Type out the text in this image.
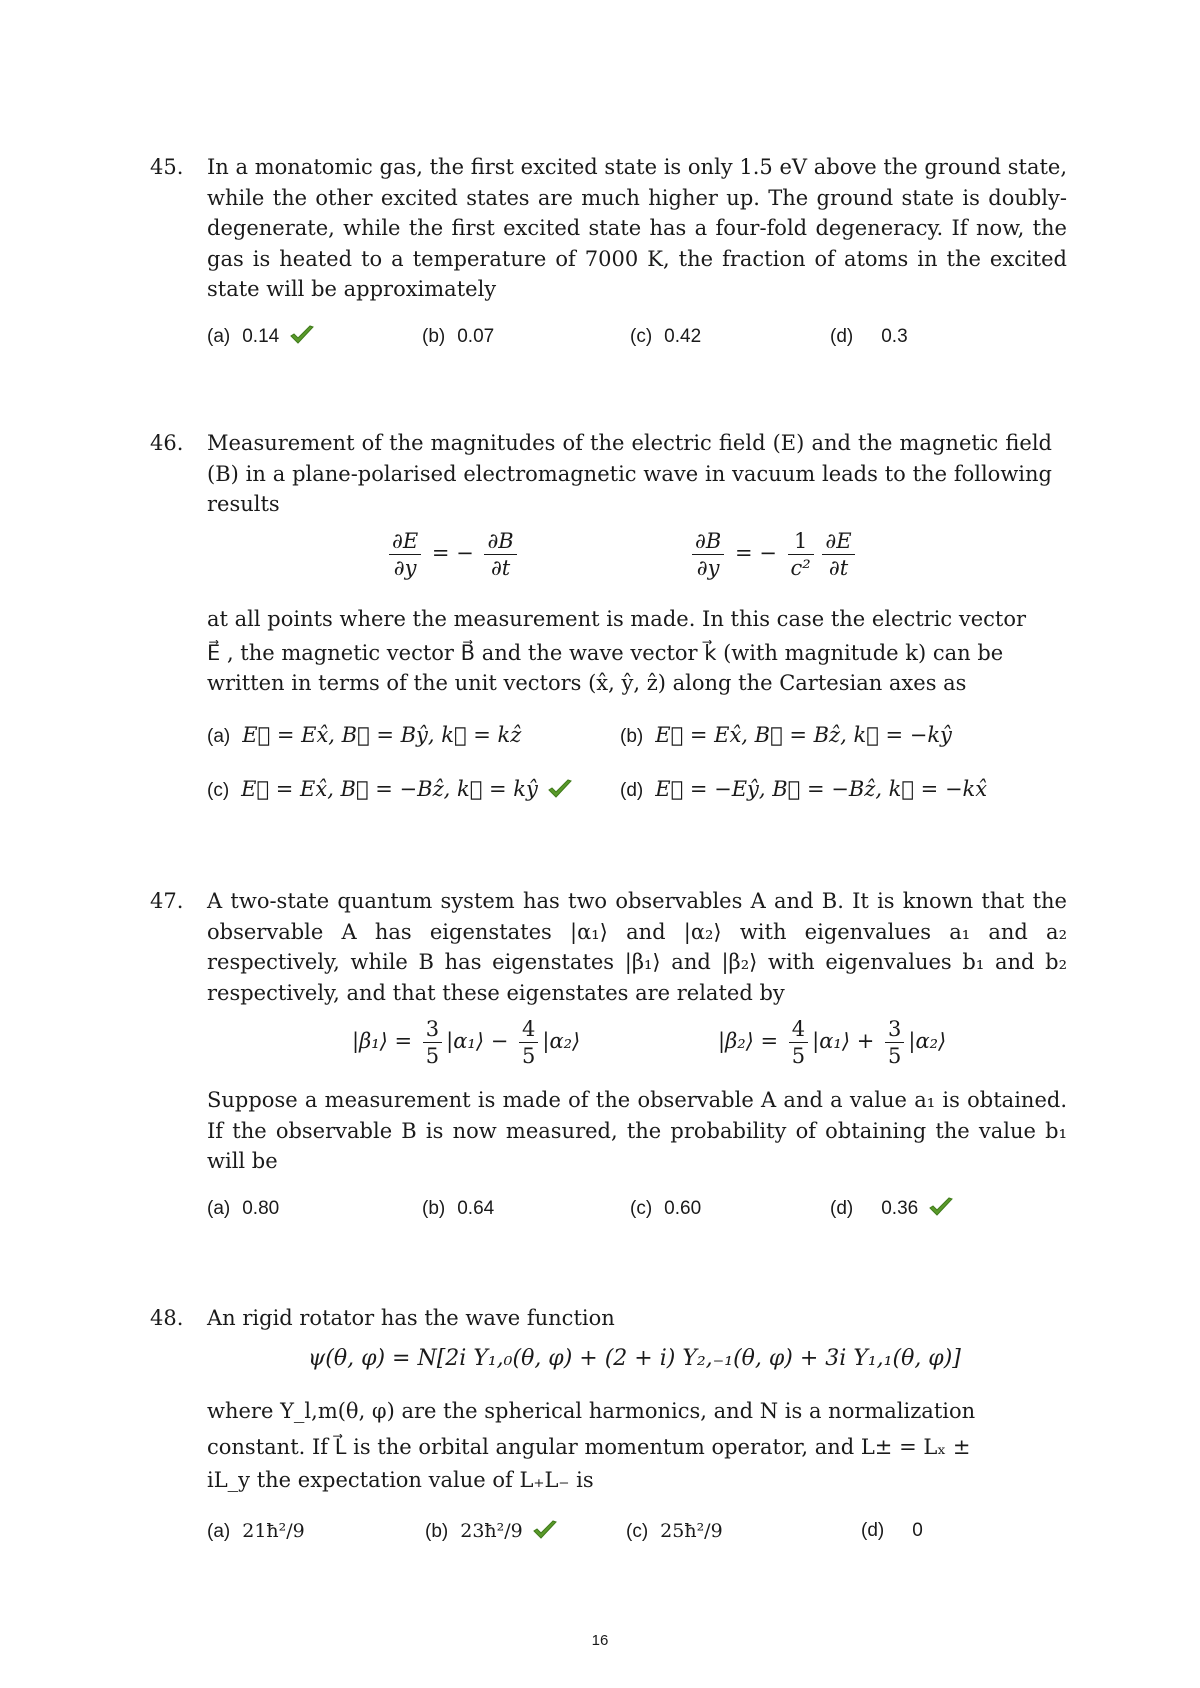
45. In a monatomic gas, the first excited state is only 1.5 eV above the ground state, while the other excited states are much higher up. The ground state is doubly-degenerate, while the first excited state has a four-fold degeneracy. If now, the gas is heated to a temperature of 7000 K, the fraction of atoms in the excited state will be approximately
(a) 0.14	(b) 0.07	(c) 0.42	(d) 0.3
46. Measurement of the magnitudes of the electric field (E) and the magnetic field (B) in a plane-polarised electromagnetic wave in vacuum leads to the following results
$\frac{\partial E}{\partial y}$ = − $\frac{\partial B}{\partial t}$	$\frac{\partial B}{\partial y}$ = − $\frac{1}{\text{c²}}$
$\frac{\partial E}{\partial t}$
at all points where the measurement is made. In this case the electric vector
E⃗ , the magnetic vector B⃗ and the wave vector k⃗ (with magnitude k) can be
written in terms of the unit vectors (x̂, ŷ, ẑ) along the Cartesian axes as
(a) E⃗ = Ex̂, B⃗ = Bŷ, k⃗ = kẑ	(b) E⃗ = Ex̂, B⃗ = Bẑ, k⃗ = −kŷ
(c) E⃗ = Ex̂, B⃗ = −Bẑ, k⃗ = kŷ	(d) E⃗ = −Eŷ, B⃗ = −Bẑ, k⃗ = −kx̂
47. A two-state quantum system has two observables A and B. It is known that the observable A has eigenstates |α₁⟩ and |α₂⟩ with eigenvalues a₁ and a₂ respectively, while B has eigenstates |β₁⟩ and |β₂⟩ with eigenvalues b₁ and b₂ respectively, and that these eigenstates are related by
|β₁⟩ = $\frac{3}{5}$ |α₁⟩ − $\frac{4}{5}$ |α₂⟩	|β₂⟩ = $\frac{4}{5}$ |α₁⟩ + $\frac{3}{5}$ |α₂⟩
Suppose a measurement is made of the observable A and a value a₁ is obtained. If the observable B is now measured, the probability of obtaining the value b₁ will be
(a) 0.80	(b) 0.64	(c) 0.60	(d) 0.36
48. An rigid rotator has the wave function
ψ(θ, φ) = N[2i Y₁,₀(θ, φ) + (2 + i) Y₂,₋₁(θ, φ) + 3i Y₁,₁(θ, φ)]
where Y_l,m(θ, φ) are the spherical harmonics, and N is a normalization
constant. If L⃗ is the orbital angular momentum operator, and L± = Lₓ ±
iL_y the expectation value of L₊L₋ is
(a) 21ħ²/9	(b) 23ħ²/9	(c) 25ħ²/9	(d) 0
16
